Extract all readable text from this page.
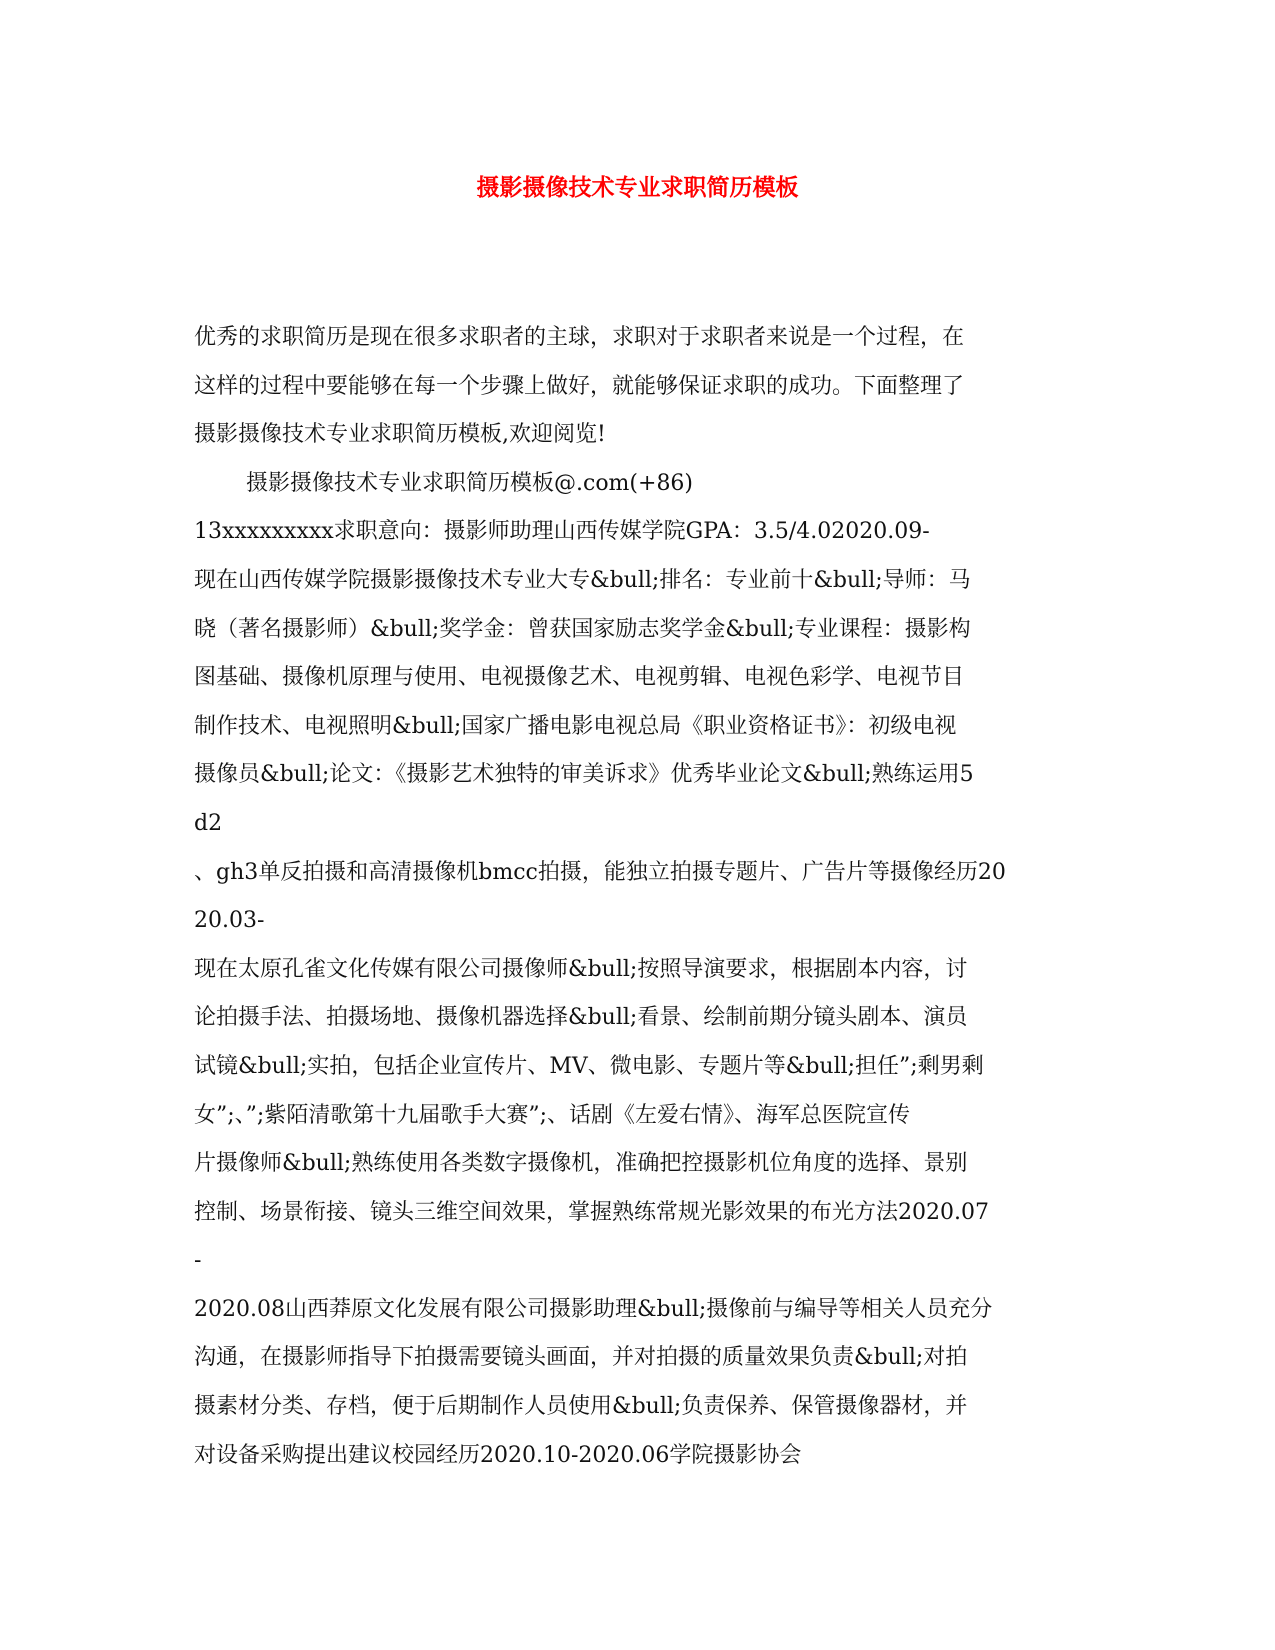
摄影摄像技术专业求职简历模板
优秀的求职简历是现在很多求职者的主球，求职对于求职者来说是一个过程，在
这样的过程中要能够在每一个步骤上做好，就能够保证求职的成功。下面整理了
摄影摄像技术专业求职简历模板,欢迎阅览!
摄影摄像技术专业求职简历模板@.com(+86)
13xxxxxxxxx求职意向：摄影师助理山西传媒学院GPA：3.5/4.02020.09-
现在山西传媒学院摄影摄像技术专业大专&bull;排名：专业前十&bull;导师：马
晓（著名摄影师）&bull;奖学金：曾获国家励志奖学金&bull;专业课程：摄影构
图基础、摄像机原理与使用、电视摄像艺术、电视剪辑、电视色彩学、电视节目
制作技术、电视照明&bull;国家广播电影电视总局《职业资格证书》：初级电视
摄像员&bull;论文：《摄影艺术独特的审美诉求》优秀毕业论文&bull;熟练运用5
d2
、gh3单反拍摄和高清摄像机bmcc拍摄，能独立拍摄专题片、广告片等摄像经历20
20.03-
现在太原孔雀文化传媒有限公司摄像师&bull;按照导演要求，根据剧本内容，讨
论拍摄手法、拍摄场地、摄像机器选择&bull;看景、绘制前期分镜头剧本、演员
试镜&bull;实拍，包括企业宣传片、MV、微电影、专题片等&bull;担任”;剩男剩
女”;、”;紫陌清歌第十九届歌手大赛”;、话剧《左爱右情》、海军总医院宣传
片摄像师&bull;熟练使用各类数字摄像机，准确把控摄影机位角度的选择、景别
控制、场景衔接、镜头三维空间效果，掌握熟练常规光影效果的布光方法2020.07
-
2020.08山西莽原文化发展有限公司摄影助理&bull;摄像前与编导等相关人员充分
沟通，在摄影师指导下拍摄需要镜头画面，并对拍摄的质量效果负责&bull;对拍
摄素材分类、存档，便于后期制作人员使用&bull;负责保养、保管摄像器材，并
对设备采购提出建议校园经历2020.10-2020.06学院摄影协会
